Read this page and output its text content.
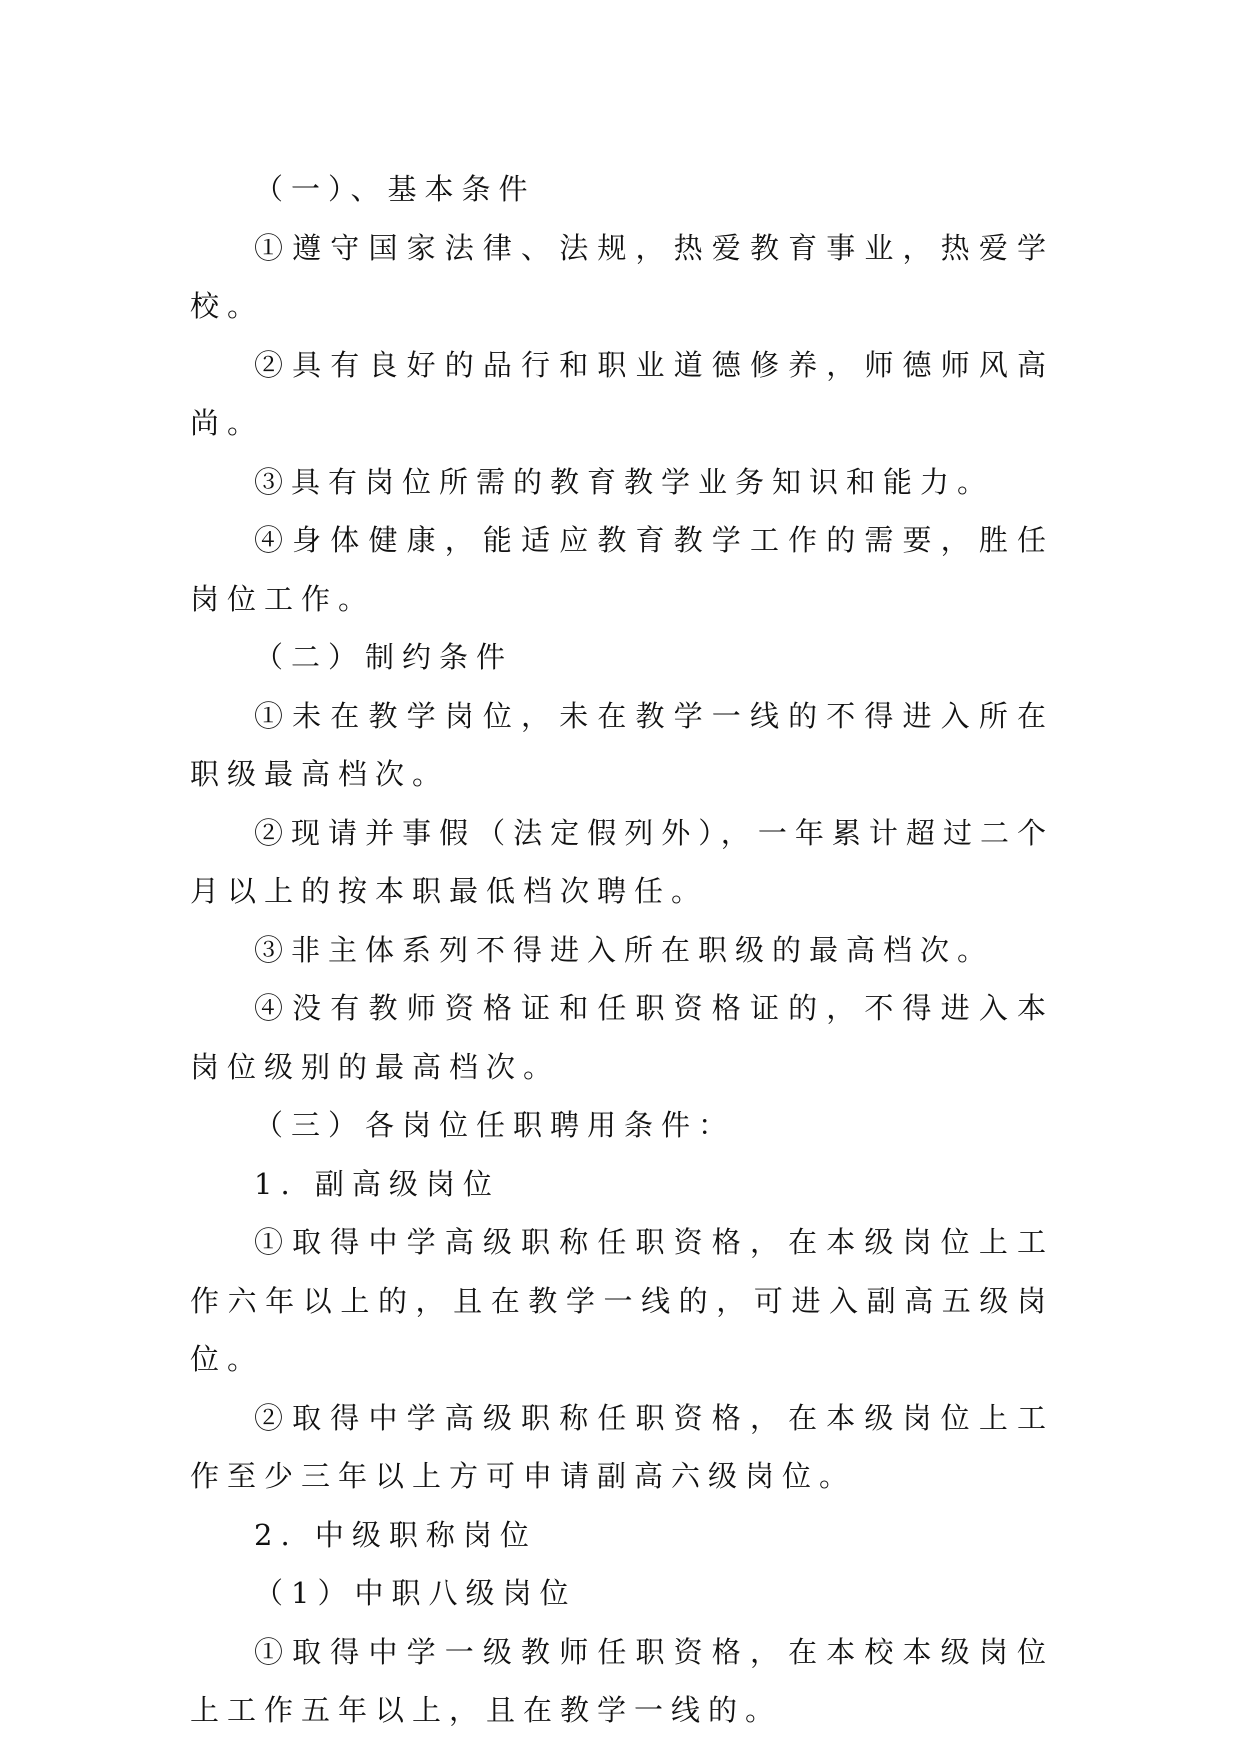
（一）、基本条件

①遵守国家法律、法规，热爱教育事业，热爱学校。

②具有良好的品行和职业道德修养，师德师风高尚。

③具有岗位所需的教育教学业务知识和能力。

④身体健康，能适应教育教学工作的需要，胜任岗位工作。

（二）制约条件

①未在教学岗位，未在教学一线的不得进入所在职级最高档次。

②现请并事假（法定假列外），一年累计超过二个月以上的按本职最低档次聘任。

③非主体系列不得进入所在职级的最高档次。

④没有教师资格证和任职资格证的，不得进入本岗位级别的最高档次。

（三）各岗位任职聘用条件：

1. 副高级岗位

①取得中学高级职称任职资格，在本级岗位上工作六年以上的，且在教学一线的，可进入副高五级岗位。

②取得中学高级职称任职资格，在本级岗位上工作至少三年以上方可申请副高六级岗位。

2. 中级职称岗位

（1）中职八级岗位

①取得中学一级教师任职资格，在本校本级岗位上工作五年以上，且在教学一线的。
